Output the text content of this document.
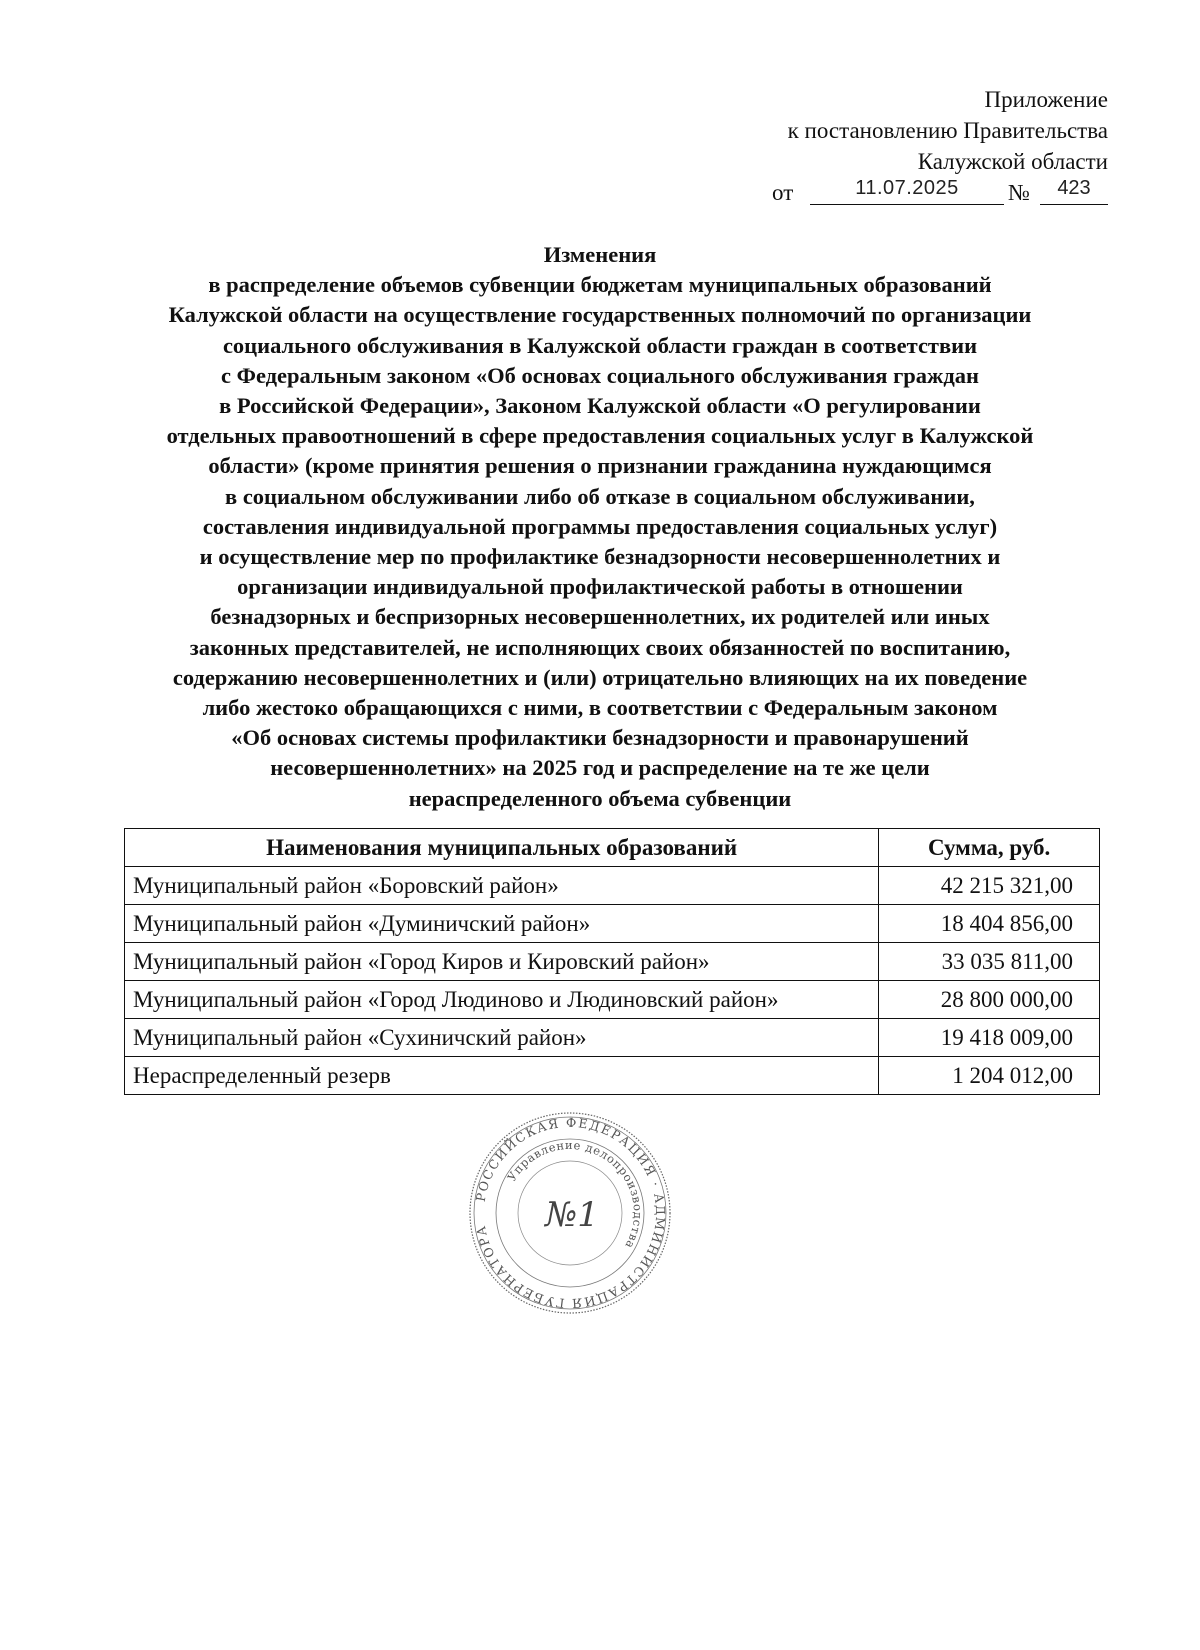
Приложение
к постановлению Правительства
Калужской области
от	11.07.2025	№	423
Изменения
в распределение объемов субвенции бюджетам муниципальных образований
Калужской области на осуществление государственных полномочий по организации
социального обслуживания в Калужской области граждан в соответствии
с Федеральным законом «Об основах социального обслуживания граждан
в Российской Федерации», Законом Калужской области «О регулировании
отдельных правоотношений в сфере предоставления социальных услуг в Калужской
области» (кроме принятия решения о признании гражданина нуждающимся
в социальном обслуживании либо об отказе в социальном обслуживании,
составления индивидуальной программы предоставления социальных услуг)
и осуществление мер по профилактике безнадзорности несовершеннолетних и
организации индивидуальной профилактической работы в отношении
безнадзорных и беспризорных несовершеннолетних, их родителей или иных
законных представителей, не исполняющих своих обязанностей по воспитанию,
содержанию несовершеннолетних и (или) отрицательно влияющих на их поведение
либо жестоко обращающихся с ними, в соответствии с Федеральным законом
«Об основах системы профилактики безнадзорности и правонарушений
несовершеннолетних» на 2025 год и распределение на те же цели
нераспределенного объема субвенции
Наименования муниципальных образований	Сумма, руб.
Муниципальный район «Боровский район»	42 215 321,00
Муниципальный район «Думиничский район»	18 404 856,00
Муниципальный район «Город Киров и Кировский район»	33 035 811,00
Муниципальный район «Город Людиново и Людиновский район»	28 800 000,00
Муниципальный район «Сухиничский район»	19 418 009,00
Нераспределенный резерв	1 204 012,00
РОССИЙСКАЯ ФЕДЕРАЦИЯ · АДМИНИСТРАЦИЯ ГУБЕРНАТОРА
Управление делопроизводства
№1
